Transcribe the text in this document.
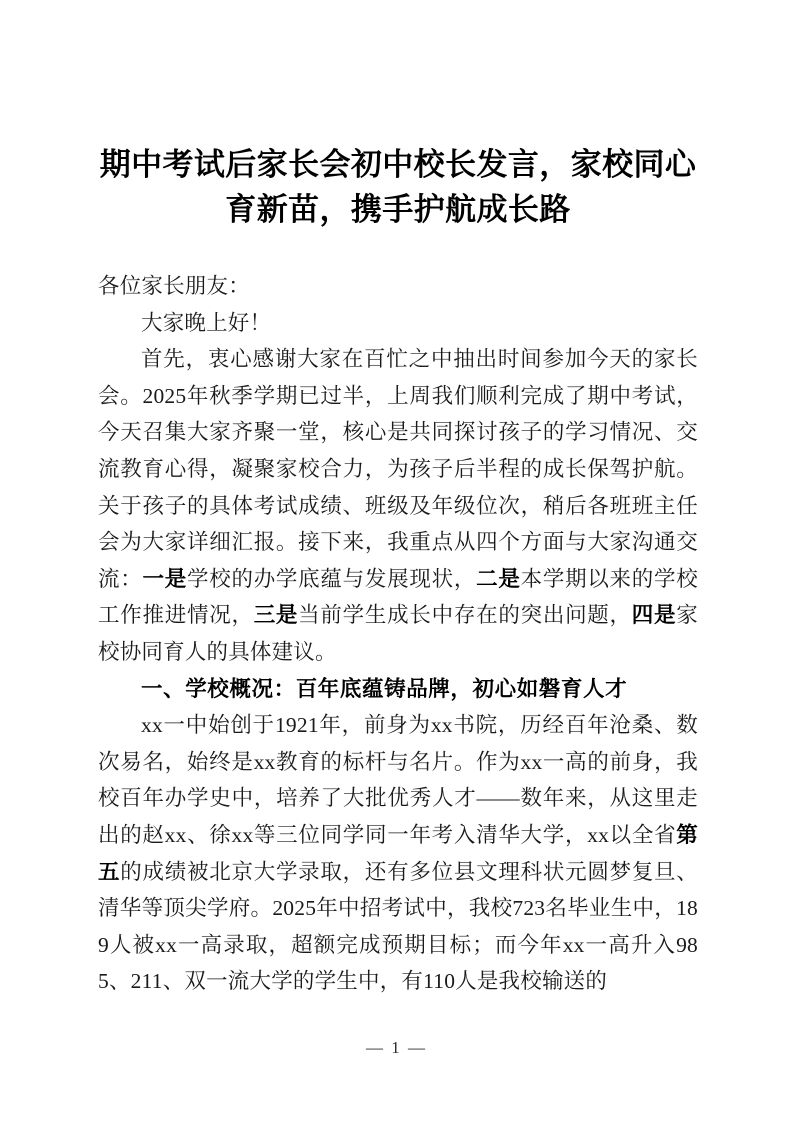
期中考试后家长会初中校长发言，家校同心育新苗，携手护航成长路

各位家长朋友：

大家晚上好！

首先，衷心感谢大家在百忙之中抽出时间参加今天的家长会。2025年秋季学期已过半，上周我们顺利完成了期中考试，今天召集大家齐聚一堂，核心是共同探讨孩子的学习情况、交流教育心得，凝聚家校合力，为孩子后半程的成长保驾护航。关于孩子的具体考试成绩、班级及年级位次，稍后各班班主任会为大家详细汇报。接下来，我重点从四个方面与大家沟通交流：一是学校的办学底蕴与发展现状，二是本学期以来的学校工作推进情况，三是当前学生成长中存在的突出问题，四是家校协同育人的具体建议。

一、学校概况：百年底蕴铸品牌，初心如磐育人才

xx一中始创于1921年，前身为xx书院，历经百年沧桑、数次易名，始终是xx教育的标杆与名片。作为xx一高的前身，我校百年办学史中，培养了大批优秀人才——数年来，从这里走出的赵xx、徐xx等三位同学同一年考入清华大学，xx以全省第五的成绩被北京大学录取，还有多位县文理科状元圆梦复旦、清华等顶尖学府。2025年中招考试中，我校723名毕业生中，189人被xx一高录取，超额完成预期目标；而今年xx一高升入985、211、双一流大学的学生中，有110人是我校输送的

— 1 —
